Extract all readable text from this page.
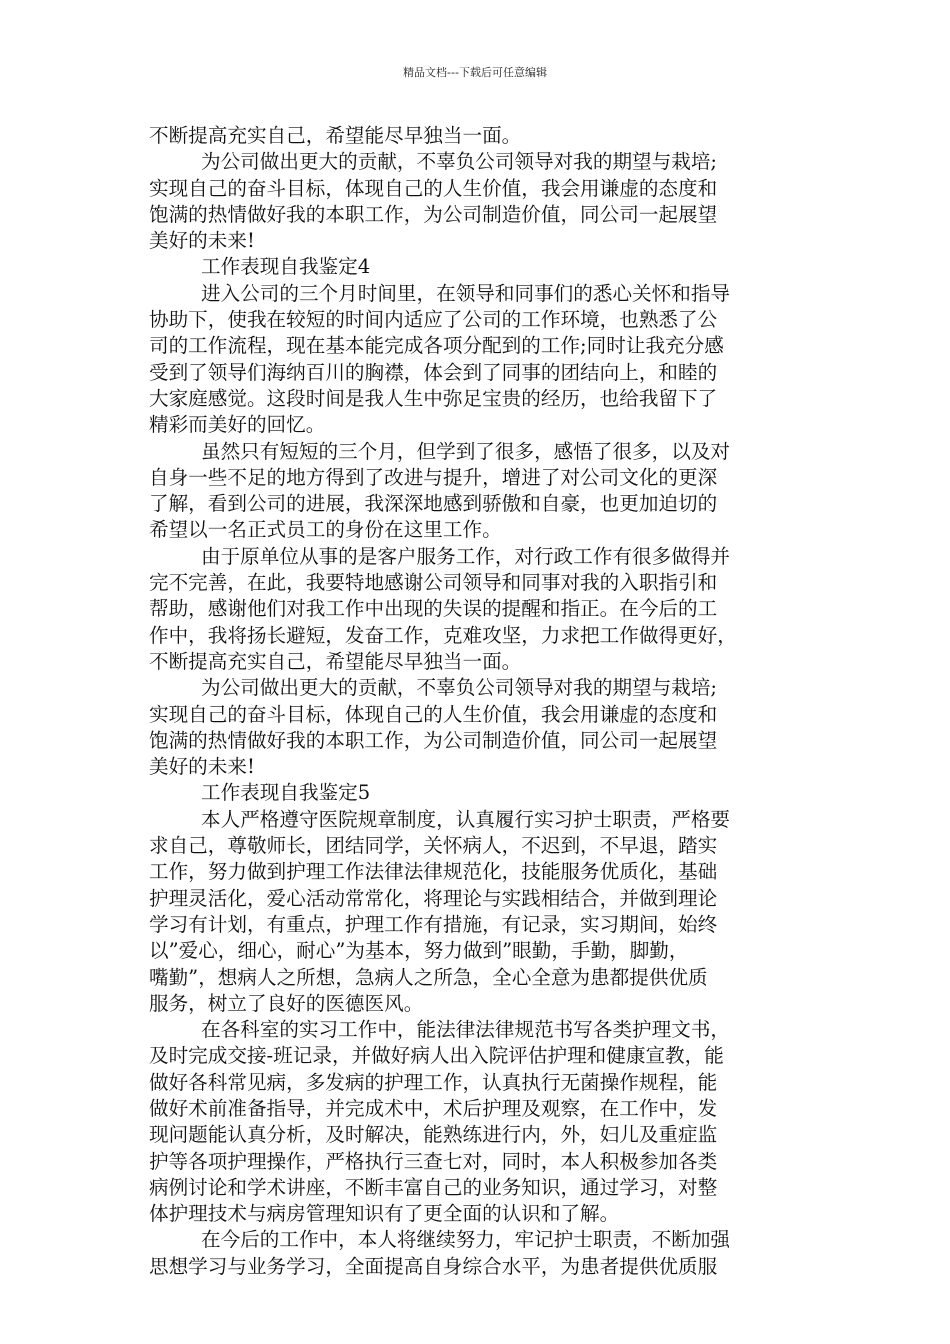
精品文档---下载后可任意编辑
不断提高充实自己，希望能尽早独当一面。
为公司做出更大的贡献，不辜负公司领导对我的期望与栽培;
实现自己的奋斗目标，体现自己的人生价值，我会用谦虚的态度和
饱满的热情做好我的本职工作，为公司制造价值，同公司一起展望
美好的未来!
工作表现自我鉴定4
进入公司的三个月时间里，在领导和同事们的悉心关怀和指导
协助下，使我在较短的时间内适应了公司的工作环境，也熟悉了公
司的工作流程，现在基本能完成各项分配到的工作;同时让我充分感
受到了领导们海纳百川的胸襟，体会到了同事的团结向上，和睦的
大家庭感觉。这段时间是我人生中弥足宝贵的经历，也给我留下了
精彩而美好的回忆。
虽然只有短短的三个月，但学到了很多，感悟了很多，以及对
自身一些不足的地方得到了改进与提升，增进了对公司文化的更深
了解，看到公司的进展，我深深地感到骄傲和自豪，也更加迫切的
希望以一名正式员工的身份在这里工作。
由于原单位从事的是客户服务工作，对行政工作有很多做得并
完不完善，在此，我要特地感谢公司领导和同事对我的入职指引和
帮助，感谢他们对我工作中出现的失误的提醒和指正。在今后的工
作中，我将扬长避短，发奋工作，克难攻坚，力求把工作做得更好，
不断提高充实自己，希望能尽早独当一面。
为公司做出更大的贡献，不辜负公司领导对我的期望与栽培;
实现自己的奋斗目标，体现自己的人生价值，我会用谦虚的态度和
饱满的热情做好我的本职工作，为公司制造价值，同公司一起展望
美好的未来!
工作表现自我鉴定5
本人严格遵守医院规章制度，认真履行实习护士职责，严格要
求自己，尊敬师长，团结同学，关怀病人，不迟到，不早退，踏实
工作，努力做到护理工作法律法律规范化，技能服务优质化，基础
护理灵活化，爱心活动常常化，将理论与实践相结合，并做到理论
学习有计划，有重点，护理工作有措施，有记录，实习期间，始终
以”爱心，细心，耐心”为基本，努力做到”眼勤，手勤，脚勤，
嘴勤”，想病人之所想，急病人之所急，全心全意为患都提供优质
服务，树立了良好的医德医风。
在各科室的实习工作中，能法律法律规范书写各类护理文书，
及时完成交接-班记录，并做好病人出入院评估护理和健康宣教，能
做好各科常见病，多发病的护理工作，认真执行无菌操作规程，能
做好术前准备指导，并完成术中，术后护理及观察，在工作中，发
现问题能认真分析，及时解决，能熟练进行内，外，妇儿及重症监
护等各项护理操作，严格执行三查七对，同时，本人积极参加各类
病例讨论和学术讲座，不断丰富自己的业务知识，通过学习，对整
体护理技术与病房管理知识有了更全面的认识和了解。
在今后的工作中，本人将继续努力，牢记护士职责，不断加强
思想学习与业务学习，全面提高自身综合水平，为患者提供优质服
